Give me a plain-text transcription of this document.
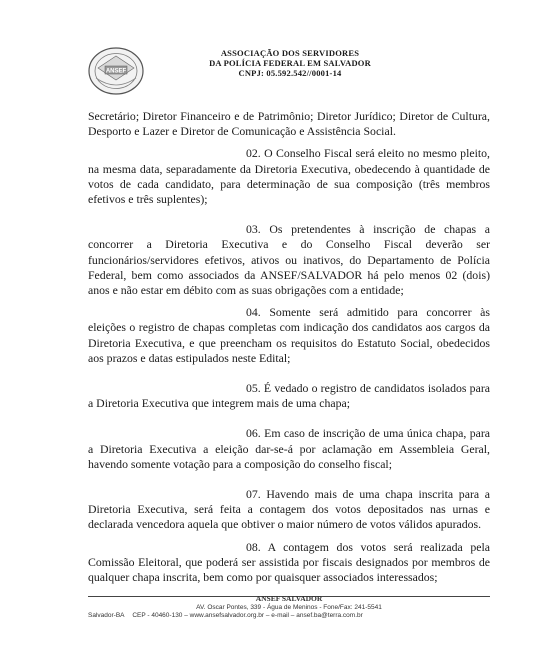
ANSEF
ASSOCIAÇÃO DOS SERVIDORES
DA POLÍCIA FEDERAL EM SALVADOR
CNPJ: 05.592.542//0001-14

Secretário; Diretor Financeiro e de Patrimônio; Diretor Jurídico; Diretor de Cultura, Desporto e Lazer e Diretor de Comunicação e Assistência Social.

02. O Conselho Fiscal será eleito no mesmo pleito, na mesma data, separadamente da Diretoria Executiva, obedecendo à quantidade de votos de cada candidato, para determinação de sua composição (três membros efetivos e três suplentes);

03. Os pretendentes à inscrição de chapas a concorrer a Diretoria Executiva e do Conselho Fiscal deverão ser funcionários/servidores efetivos, ativos ou inativos, do Departamento de Polícia Federal, bem como associados da ANSEF/SALVADOR há pelo menos 02 (dois) anos e não estar em débito com as suas obrigações com a entidade;

04. Somente será admitido para concorrer às eleições o registro de chapas completas com indicação dos candidatos aos cargos da Diretoria Executiva, e que preencham os requisitos do Estatuto Social, obedecidos aos prazos e datas estipulados neste Edital;

05. É vedado o registro de candidatos isolados para a Diretoria Executiva que integrem mais de uma chapa;

06. Em caso de inscrição de uma única chapa, para a Diretoria Executiva a eleição dar-se-á por aclamação em Assembleia Geral, havendo somente votação para a composição do conselho fiscal;

07. Havendo mais de uma chapa inscrita para a Diretoria Executiva, será feita a contagem dos votos depositados nas urnas e declarada vencedora aquela que obtiver o maior número de votos válidos apurados.

08. A contagem dos votos será realizada pela Comissão Eleitoral, que poderá ser assistida por fiscais designados por membros de qualquer chapa inscrita, bem como por quaisquer associados interessados;

ANSEF SALVADOR
AV. Oscar Pontes, 339 - Água de Meninos - Fone/Fax: 241-5541
Salvador-BA CEP - 40460-130 – www.ansefsalvador.org.br – e-mail – ansef.ba@terra.com.br
